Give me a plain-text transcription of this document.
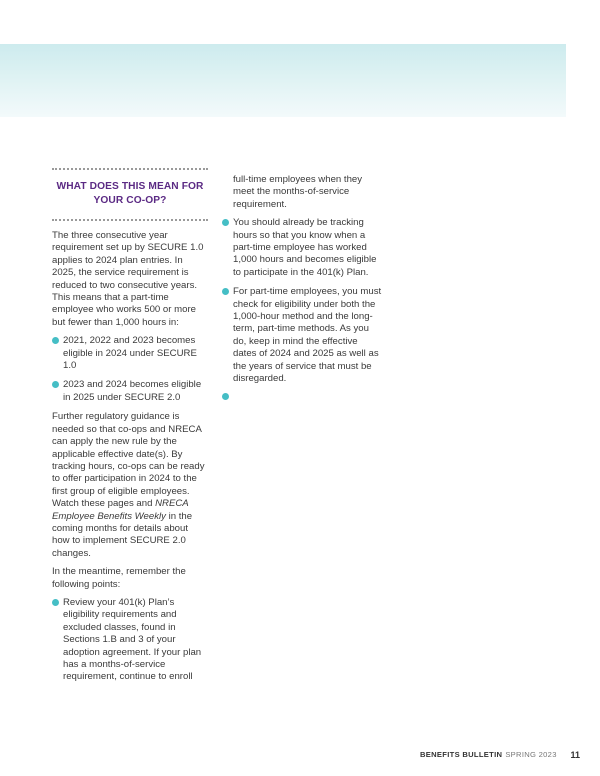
WHAT DOES THIS MEAN FOR YOUR CO-OP?

The three consecutive year requirement set up by SECURE 1.0 applies to 2024 plan entries. In 2025, the service requirement is reduced to two consecutive years. This means that a part-time employee who works 500 or more but fewer than 1,000 hours in:

2021, 2022 and 2023 becomes eligible in 2024 under SECURE 1.0
2023 and 2024 becomes eligible in 2025 under SECURE 2.0

Further regulatory guidance is needed so that co-ops and NRECA can apply the new rule by the applicable effective date(s). By tracking hours, co-ops can be ready to offer participation in 2024 to the first group of eligible employees. Watch these pages and NRECA Employee Benefits Weekly in the coming months for details about how to implement SECURE 2.0 changes.

In the meantime, remember the following points:

Review your 401(k) Plan’s eligibility requirements and excluded classes, found in Sections 1.B and 3 of your adoption agreement. If your plan has a months-of-service requirement, continue to enroll

full-time employees when they meet the months-of-service requirement.

You should already be tracking hours so that you know when a part-time employee has worked 1,000 hours and becomes eligible to participate in the 401(k) Plan.
For part-time employees, you must check for eligibility under both the 1,000-hour method and the long-term, part-time methods. As you do, keep in mind the effective dates of 2024 and 2025 as well as the years of service that must be disregarded.
BENEFITS BULLETIN SPRING 2023 11
